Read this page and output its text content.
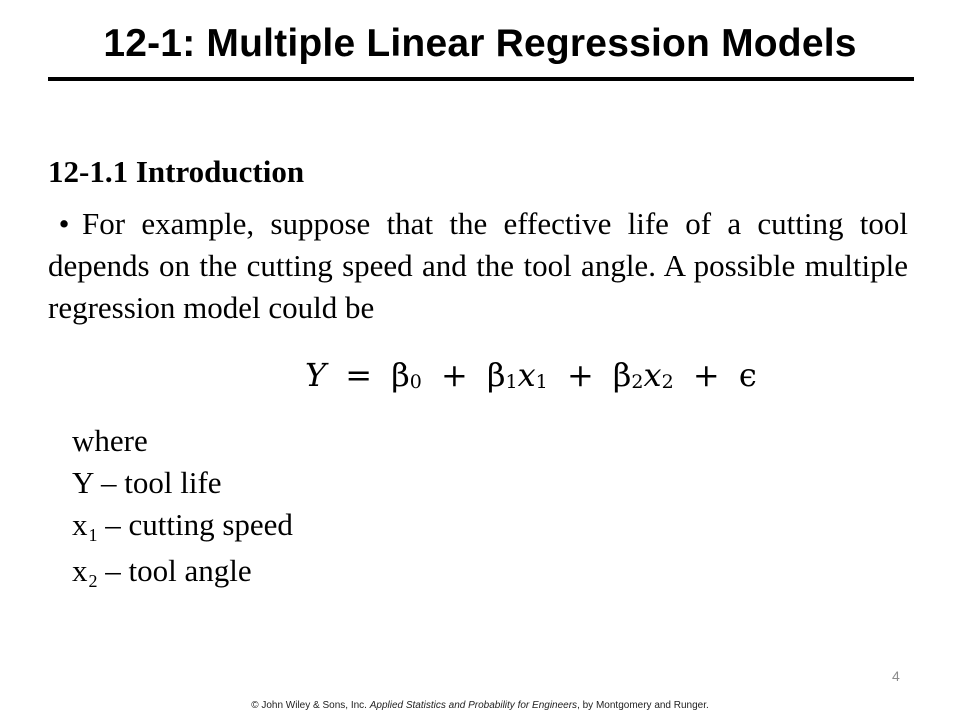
12-1: Multiple Linear Regression Models
12-1.1 Introduction
• For example, suppose that the effective life of a cutting tool depends on the cutting speed and the tool angle. A possible multiple regression model could be
$Y = \beta_0 + \beta_1x_1 + \beta_2x_2 + \epsilon$
where
Y – tool life
$x_1$ – cutting speed
$x_2$ – tool angle
4
© John Wiley & Sons, Inc. Applied Statistics and Probability for Engineers, by Montgomery and Runger.
